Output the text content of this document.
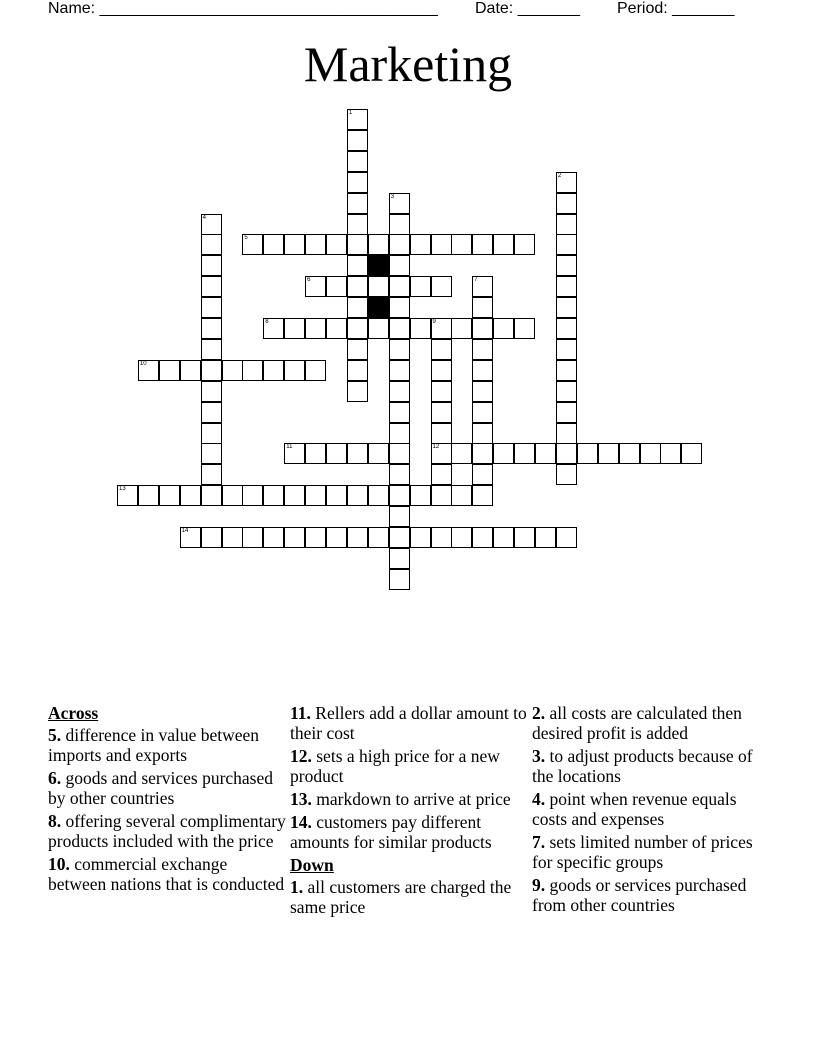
Name: ______________________________________ Date: _______ Period: _______
Marketing
1
2
3
4
5
6	7
8	9
12
10
11
13
14
Across
5. difference in value between imports and exports
6. goods and services purchased by other countries
8. offering several complimentary products included with the price
10. commercial exchange between nations that is conducted
11. Rellers add a dollar amount to their cost
12. sets a high price for a new product
13. markdown to arrive at price
14. customers pay different amounts for similar products
Down
1. all customers are charged the same price
2. all costs are calculated then desired profit is added
3. to adjust products because of the locations
4. point when revenue equals costs and expenses
7. sets limited number of prices for specific groups
9. goods or services purchased from other countries
